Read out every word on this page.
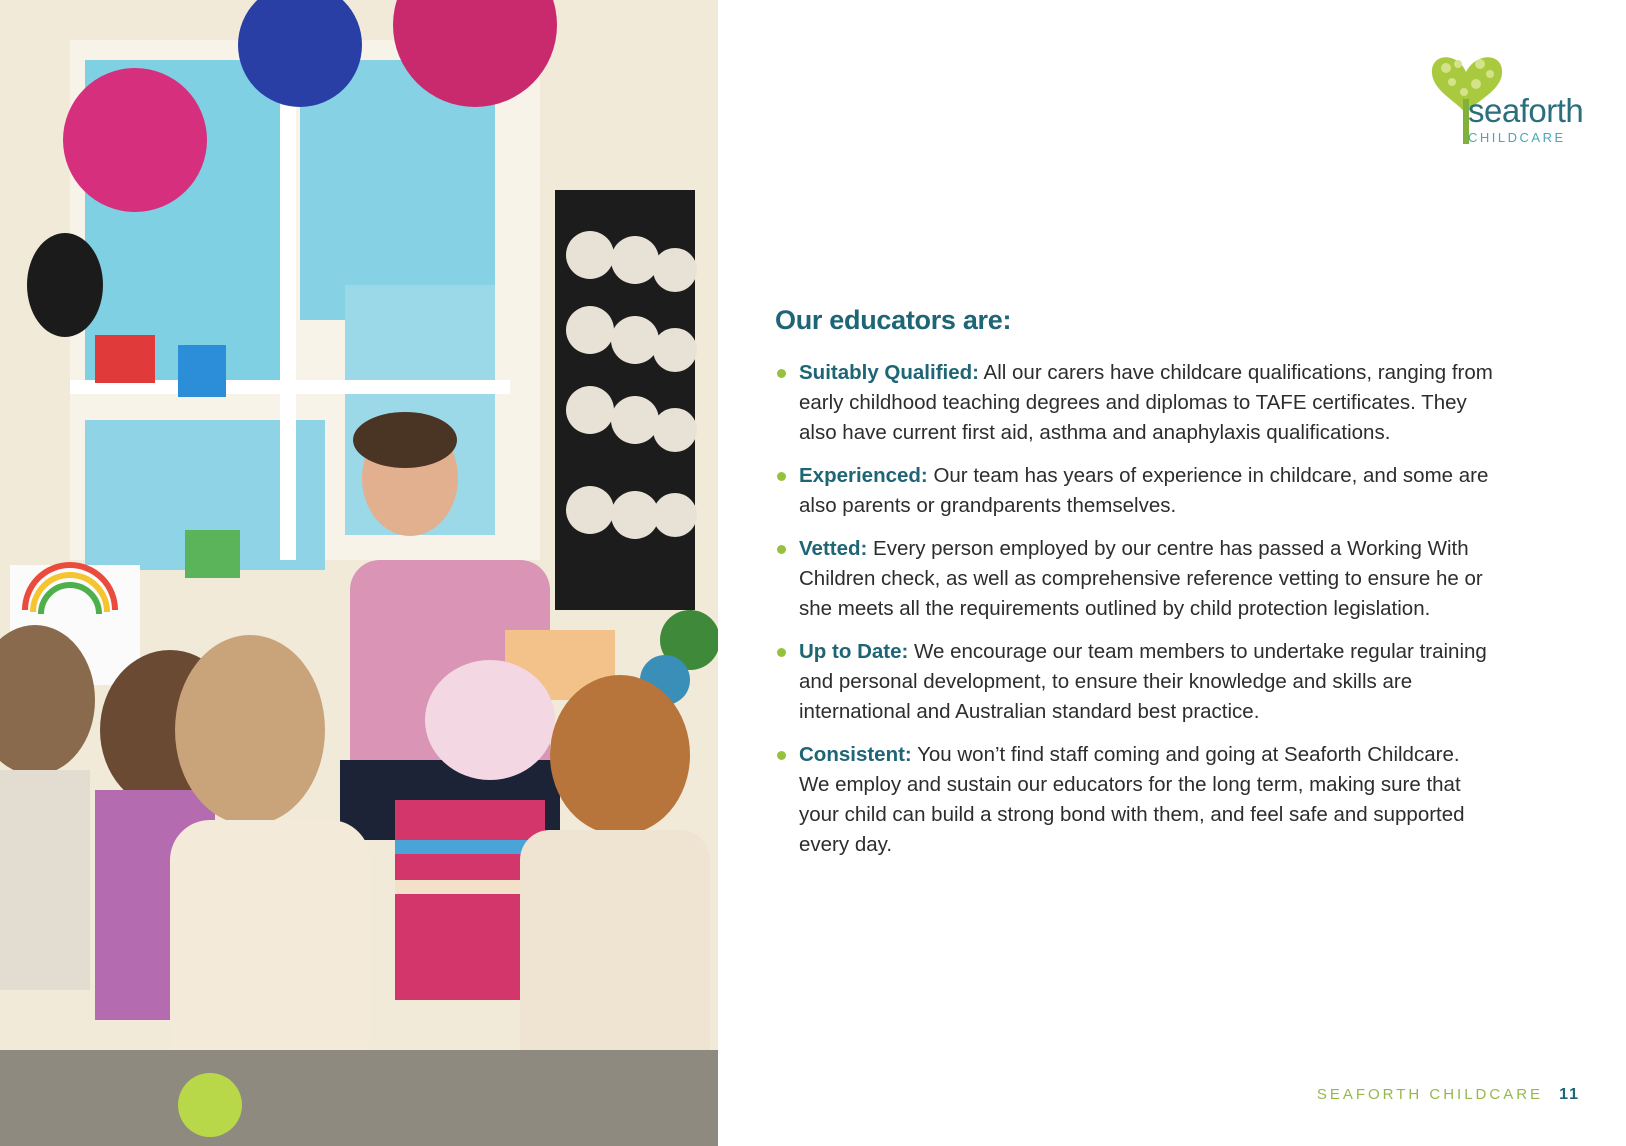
seaforth
CHILDCARE
Our educators are:
Suitably Qualified: All our carers have childcare qualifications, ranging from early childhood teaching degrees and diplomas to TAFE certificates. They also have current first aid, asthma and anaphylaxis qualifications.
Experienced: Our team has years of experience in childcare, and some are also parents or grandparents themselves.
Vetted: Every person employed by our centre has passed a Working With Children check, as well as comprehensive reference vetting to ensure he or she meets all the requirements outlined by child protection legislation.
Up to Date: We encourage our team members to undertake regular training and personal development, to ensure their knowledge and skills are international and Australian standard best practice.
Consistent: You won’t find staff coming and going at Seaforth Childcare. We employ and sustain our educators for the long term, making sure that your child can build a strong bond with them, and feel safe and supported every day.
SEAFORTH CHILDCARE 11
